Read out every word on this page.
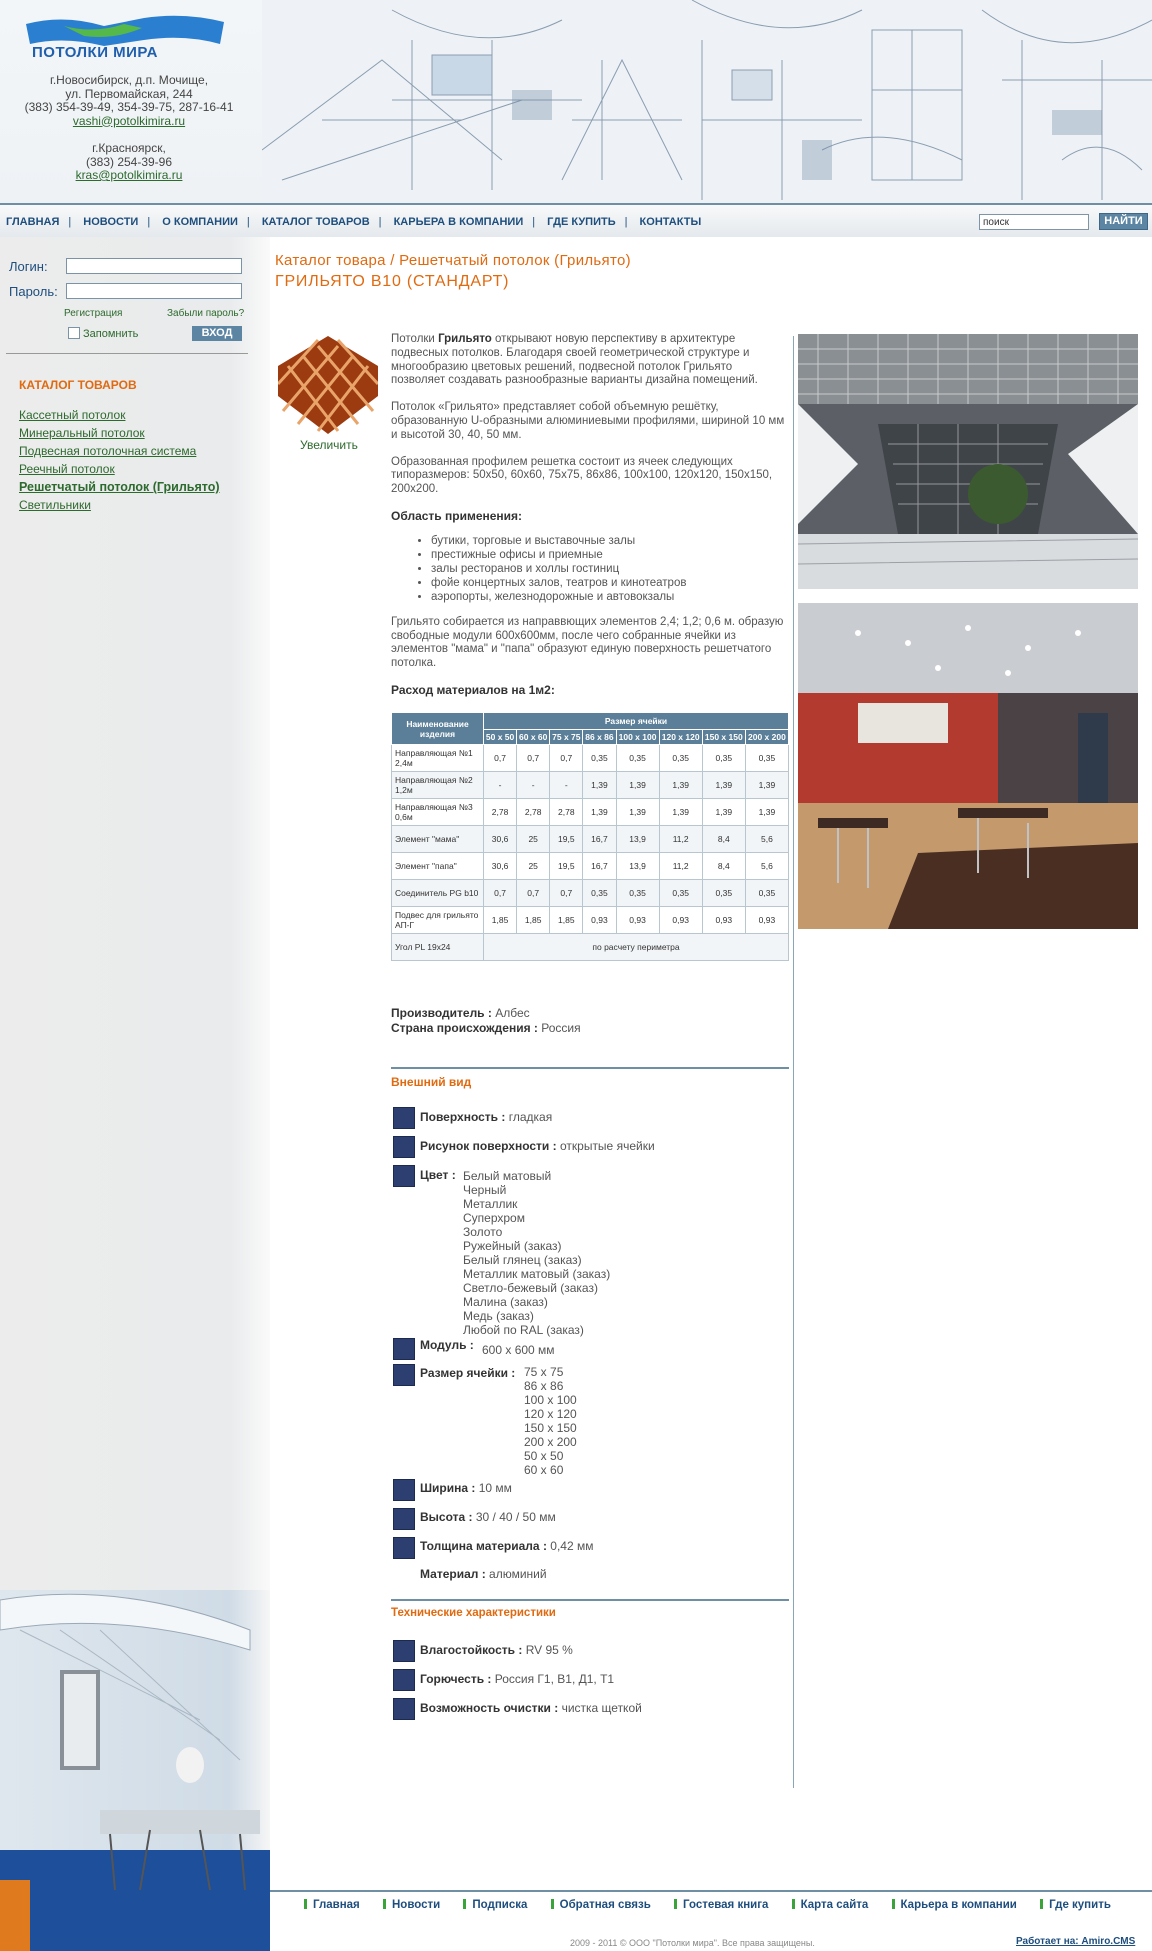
ПОТОЛКИ МИРА
г.Новосибирск, д.п. Мочище,
ул. Первомайская, 244
(383) 354-39-49, 354-39-75, 287-16-41
vashi@potolkimira.ru
г.Красноярск,
(383) 254-39-96
kras@potolkimira.ru
ГЛАВНАЯ | НОВОСТИ | О КОМПАНИИ | КАТАЛОГ ТОВАРОВ | КАРЬЕРА В КОМПАНИИ | ГДЕ КУПИТЬ | КОНТАКТЫ
поиск	НАЙТИ
Логин:
Пароль:
Регистрация	Забыли пароль?
Запомнить	ВХОД
КАТАЛОГ ТОВАРОВ
Кассетный потолок
Минеральный потолок
Подвесная потолочная система
Реечный потолок
Решетчатый потолок (Грильято)
Светильники
Каталог товара / Решетчатый потолок (Грильято)
ГРИЛЬЯТО B10 (СТАНДАРТ)
Увеличить

Потолки Грильято открывают новую перспективу в архитектуре подвесных потолков. Благодаря своей геометрической структуре и многообразию цветовых решений, подвесной потолок Грильято позволяет создавать разнообразные варианты дизайна помещений.

Потолок «Грильято» представляет собой объемную решётку, образованную U-образными алюминиевыми профилями, шириной 10 мм и высотой 30, 40, 50 мм.

Образованная профилем решетка состоит из ячеек следующих типоразмеров: 50x50, 60x60, 75x75, 86x86, 100x100, 120x120, 150x150, 200x200.

Область применения:
• бутики, торговые и выставочные залы
• престижные офисы и приемные
• залы ресторанов и холлы гостиниц
• фойе концертных залов, театров и кинотеатров
• аэропорты, железнодорожные и автовокзалы

Грильято собирается из направвющих элементов 2,4; 1,2; 0,6 м. образую свободные модули 600x600мм, после чего собранные ячейки из элементов "мама" и "папа" образуют единую поверхность решетчатого потолка.

Расход материалов на 1м2:
Наименование изделия	Размер ячейки							
	50 х 50	60 х 60	75 х 75	86 х 86	100 х 100	120 х 120	150 х 150	200 х 200
Направляющая №1 2,4м	0,7	0,7	0,7	0,35	0,35	0,35	0,35	0,35
Направляющая №2 1,2м	-	-	-	1,39	1,39	1,39	1,39	1,39
Направляющая №3 0,6м	2,78	2,78	2,78	1,39	1,39	1,39	1,39	1,39
Элемент "мама"	30,6	25	19,5	16,7	13,9	11,2	8,4	5,6
Элемент "папа"	30,6	25	19,5	16,7	13,9	11,2	8,4	5,6
Соединитель PG b10	0,7	0,7	0,7	0,35	0,35	0,35	0,35	0,35
Подвес для грильято АП-Г	1,85	1,85	1,85	0,93	0,93	0,93	0,93	0,93
Угол PL 19x24	по расчету периметра							
Производитель : Албес
Страна происхождения : Россия
Внешний вид
Поверхность : гладкая
Рисунок поверхности : открытые ячейки
Цвет : Белый матовый
Черный
Металлик
Суперхром
Золото
Ружейный (заказ)
Белый глянец (заказ)
Металлик матовый (заказ)
Светло-бежевый (заказ)
Малина (заказ)
Медь (заказ)
Любой по RAL (заказ)
Модуль : 600 х 600 мм
Размер ячейки : 75 х 75
86 х 86
100 х 100
120 х 120
150 х 150
200 х 200
50 х 50
60 х 60
Ширина : 10 мм
Высота : 30 / 40 / 50 мм
Толщина материала : 0,42 мм
Материал : алюминий
Технические характеристики
Влагостойкость : RV 95 %
Горючесть : Россия Г1, В1, Д1, Т1
Возможность очистки : чистка щеткой
Главная	Новости	Подписка	Обратная связь	Гостевая книга	Карта сайта	Карьера в компании	Где купить
2009 - 2011 © ООО "Потолки мира". Все права защищены.	Работает на: Amiro.CMS
